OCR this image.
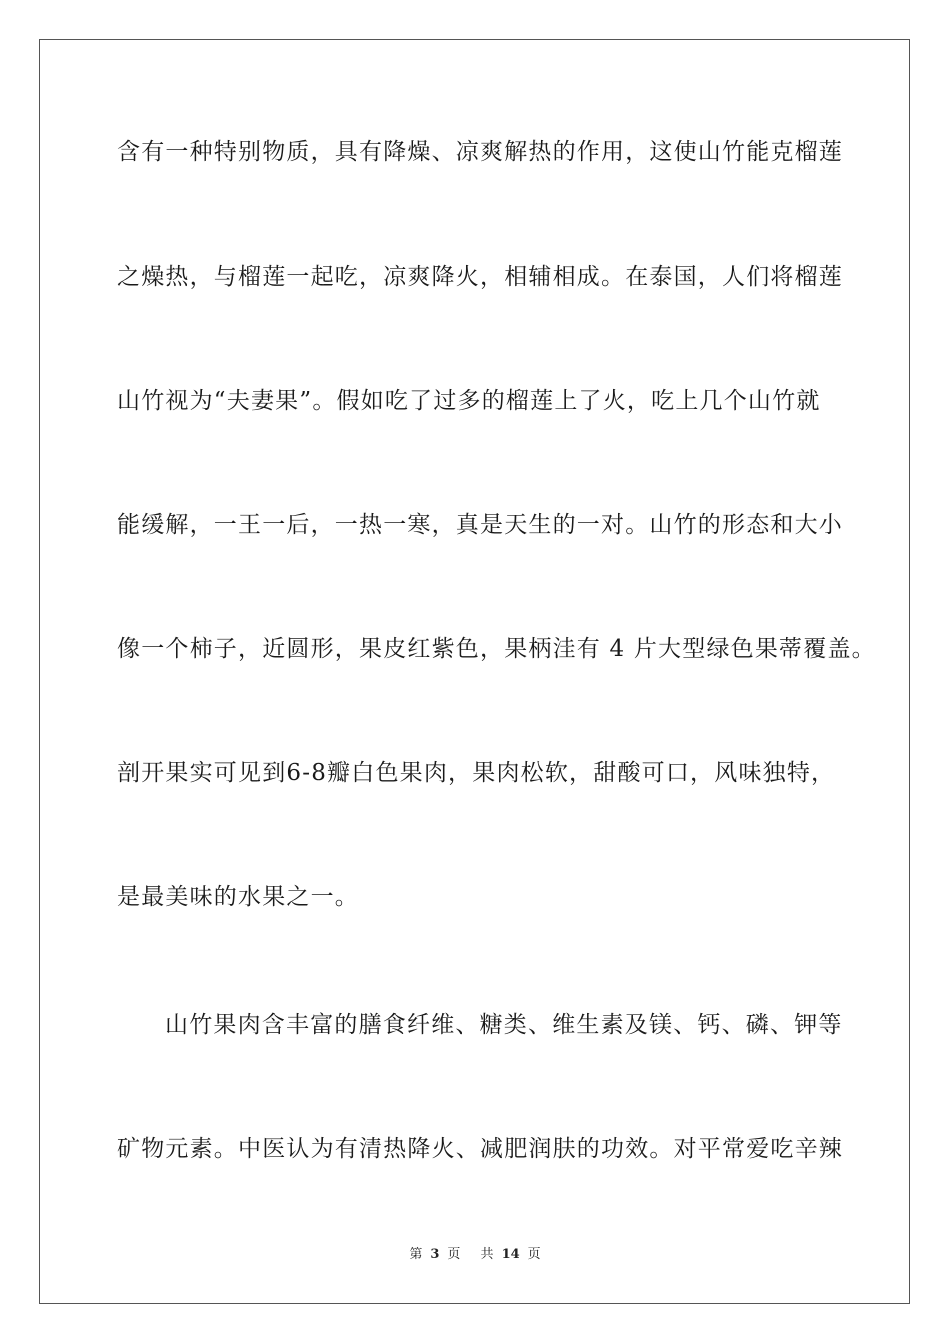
含有一种特别物质，具有降燥、凉爽解热的作用，这使山竹能克榴莲
之燥热，与榴莲一起吃，凉爽降火，相辅相成。在泰国，人们将榴莲
山竹视为“夫妻果”。假如吃了过多的榴莲上了火，吃上几个山竹就
能缓解，一王一后，一热一寒，真是天生的一对。山竹的形态和大小
像一个柿子，近圆形，果皮红紫色，果柄洼有 4 片大型绿色果蒂覆盖。
剖开果实可见到6-8瓣白色果肉，果肉松软，甜酸可口，风味独特，
是最美味的水果之一。
山竹果肉含丰富的膳食纤维、糖类、维生素及镁、钙、磷、钾等
矿物元素。中医认为有清热降火、减肥润肤的功效。对平常爱吃辛辣
第 3 页 共 14 页
